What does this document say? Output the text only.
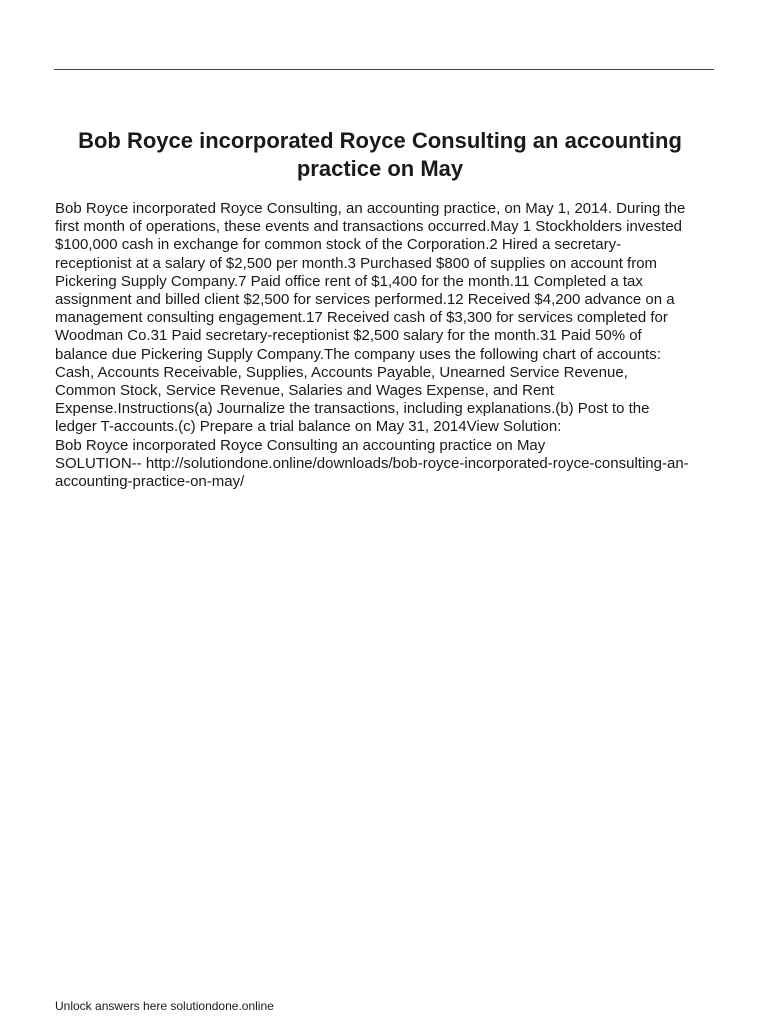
Bob Royce incorporated Royce Consulting an accounting
practice on May

Bob Royce incorporated Royce Consulting, an accounting practice, on May 1, 2014. During the
first month of operations, these events and transactions occurred.May 1 Stockholders invested
$100,000 cash in exchange for common stock of the Corporation.2 Hired a secretary-
receptionist at a salary of $2,500 per month.3 Purchased $800 of supplies on account from
Pickering Supply Company.7 Paid office rent of $1,400 for the month.11 Completed a tax
assignment and billed client $2,500 for services performed.12 Received $4,200 advance on a
management consulting engagement.17 Received cash of $3,300 for services completed for
Woodman Co.31 Paid secretary-receptionist $2,500 salary for the month.31 Paid 50% of
balance due Pickering Supply Company.The company uses the following chart of accounts:
Cash, Accounts Receivable, Supplies, Accounts Payable, Unearned Service Revenue,
Common Stock, Service Revenue, Salaries and Wages Expense, and Rent
Expense.Instructions(a) Journalize the transactions, including explanations.(b) Post to the
ledger T-accounts.(c) Prepare a trial balance on May 31, 2014View Solution:
Bob Royce incorporated Royce Consulting an accounting practice on May
SOLUTION-- http://solutiondone.online/downloads/bob-royce-incorporated-royce-consulting-an-
accounting-practice-on-may/

Unlock answers here solutiondone.online
